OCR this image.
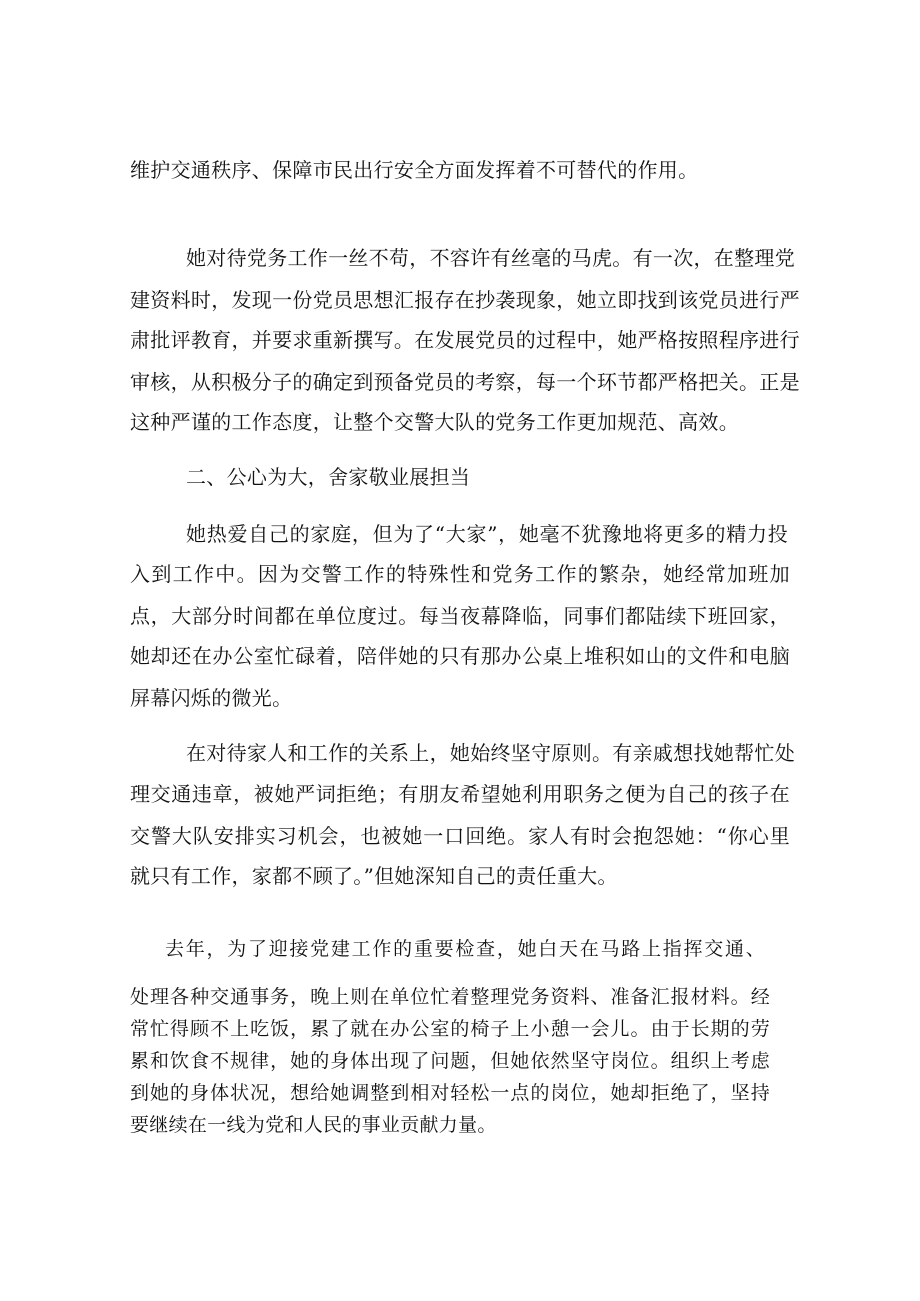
维护交通秩序、保障市民出行安全方面发挥着不可替代的作用。

她对待党务工作一丝不苟，不容许有丝毫的马虎。有一次，在整理党

建资料时，发现一份党员思想汇报存在抄袭现象，她立即找到该党员进行严

肃批评教育，并要求重新撰写。在发展党员的过程中，她严格按照程序进行

审核，从积极分子的确定到预备党员的考察，每一个环节都严格把关。正是

这种严谨的工作态度，让整个交警大队的党务工作更加规范、高效。

二、公心为大，舍家敬业展担当

她热爱自己的家庭，但为了“大家”，她毫不犹豫地将更多的精力投

入到工作中。因为交警工作的特殊性和党务工作的繁杂，她经常加班加

点，大部分时间都在单位度过。每当夜幕降临，同事们都陆续下班回家，

她却还在办公室忙碌着，陪伴她的只有那办公桌上堆积如山的文件和电脑

屏幕闪烁的微光。

在对待家人和工作的关系上，她始终坚守原则。有亲戚想找她帮忙处

理交通违章，被她严词拒绝；有朋友希望她利用职务之便为自己的孩子在

交警大队安排实习机会，也被她一口回绝。家人有时会抱怨她：“你心里

就只有工作，家都不顾了。”但她深知自己的责任重大。

去年，为了迎接党建工作的重要检查，她白天在马路上指挥交通、

处理各种交通事务，晚上则在单位忙着整理党务资料、准备汇报材料。经

常忙得顾不上吃饭，累了就在办公室的椅子上小憩一会儿。由于长期的劳

累和饮食不规律，她的身体出现了问题，但她依然坚守岗位。组织上考虑

到她的身体状况，想给她调整到相对轻松一点的岗位，她却拒绝了，坚持

要继续在一线为党和人民的事业贡献力量。
